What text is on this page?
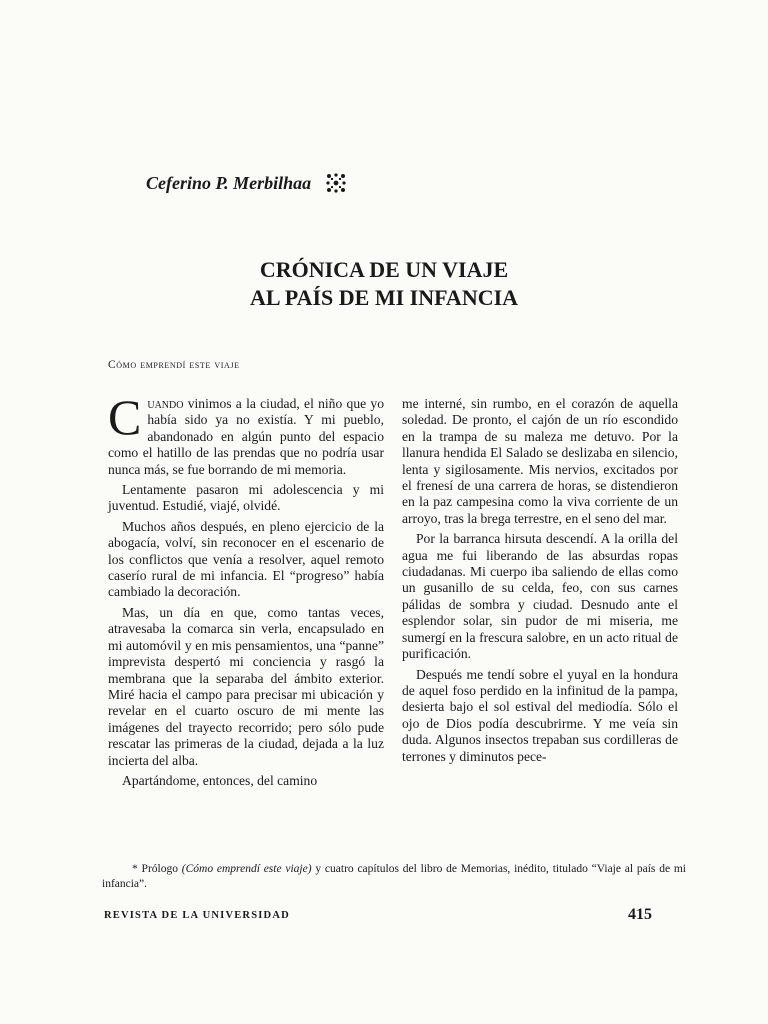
Ceferino P. Merbilhaa
CRÓNICA DE UN VIAJE
AL PAÍS DE MI INFANCIA
Cómo emprendí este viaje

Cuando vinimos a la ciudad, el niño que yo había sido ya no existía. Y mi pueblo, abandonado en algún punto del espacio como el hatillo de las prendas que no podría usar nunca más, se fue borrando de mi memoria.

Lentamente pasaron mi adolescencia y mi juventud. Estudié, viajé, olvidé.

Muchos años después, en pleno ejercicio de la abogacía, volví, sin reconocer en el escenario de los conflictos que venía a resolver, aquel remoto caserío rural de mi infancia. El “progreso” había cambiado la decoración.

Mas, un día en que, como tantas veces, atravesaba la comarca sin verla, encapsulado en mi automóvil y en mis pensamientos, una “panne” imprevista despertó mi conciencia y rasgó la membrana que la separaba del ámbito exterior. Miré hacia el campo para precisar mi ubicación y revelar en el cuarto oscuro de mi mente las imágenes del trayecto recorrido; pero sólo pude rescatar las primeras de la ciudad, dejada a la luz incierta del alba.

Apartándome, entonces, del camino

me interné, sin rumbo, en el corazón de aquella soledad. De pronto, el cajón de un río escondido en la trampa de su maleza me detuvo. Por la llanura hendida El Salado se deslizaba en silencio, lenta y sigilosamente. Mis nervios, excitados por el frenesí de una carrera de horas, se distendieron en la paz campesina como la viva corriente de un arroyo, tras la brega terrestre, en el seno del mar.

Por la barranca hirsuta descendí. A la orilla del agua me fui liberando de las absurdas ropas ciudadanas. Mi cuerpo iba saliendo de ellas como un gusanillo de su celda, feo, con sus carnes pálidas de sombra y ciudad. Desnudo ante el esplendor solar, sin pudor de mi miseria, me sumergí en la frescura salobre, en un acto ritual de purificación.

Después me tendí sobre el yuyal en la hondura de aquel foso perdido en la infinitud de la pampa, desierta bajo el sol estival del mediodía. Sólo el ojo de Dios podía descubrirme. Y me veía sin duda. Algunos insectos trepaban sus cordilleras de terrones y diminutos pece-

* Prólogo (Cómo emprendí este viaje) y cuatro capítulos del libro de Memorias, inédito, titulado “Viaje al país de mi infancia”.
REVISTA DE LA UNIVERSIDAD	415
